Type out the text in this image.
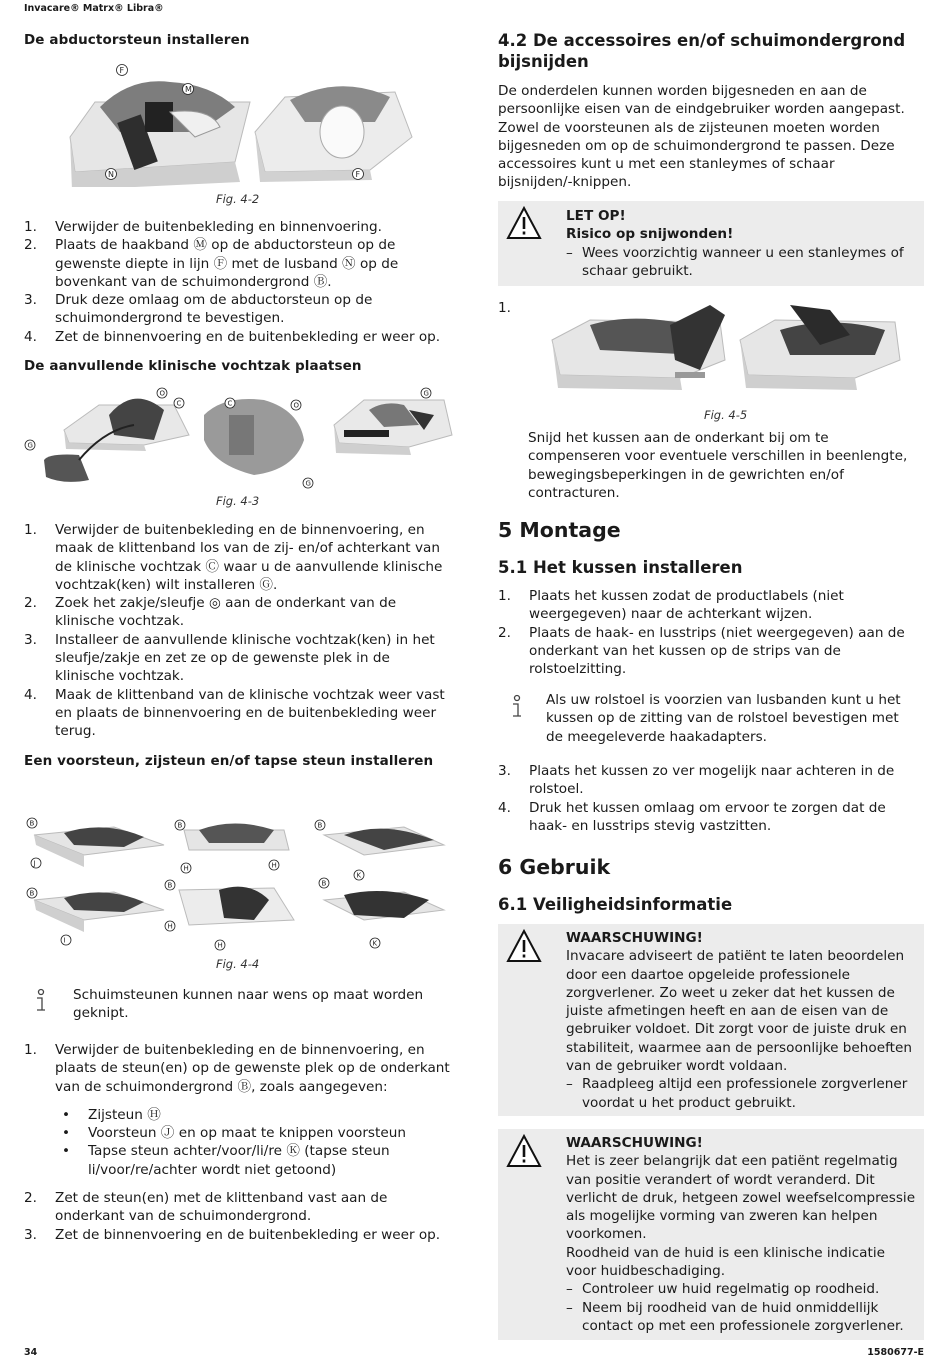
Invacare® Matrx® Libra®
De abductorsteun installeren
F
M
N	F
Fig. 4-2
1. Verwijder de buitenbekleding en binnenvoering.
2. Plaats de haakband Ⓜ op de abductorsteun op de gewenste diepte in lijn Ⓕ met de lusband Ⓝ op de bovenkant van de schuimondergrond Ⓑ.
3. Druk deze omlaag om de abductorsteun op de schuimondergrond te bevestigen.
4. Zet de binnenvoering en de buitenbekleding er weer op.
De aanvullende klinische vochtzak plaatsen
O
C
G
C	O
G
G
Fig. 4-3
1. Verwijder de buitenbekleding en de binnenvoering, en maak de klittenband los van de zij- en/of achterkant van de klinische vochtzak Ⓒ waar u de aanvullende klinische vochtzak(ken) wilt installeren Ⓖ.
2. Zoek het zakje/sleufje ◎ aan de onderkant van de klinische vochtzak.
3. Installeer de aanvullende klinische vochtzak(ken) in het sleufje/zakje en zet ze op de gewenste plek in de klinische vochtzak.
4. Maak de klittenband van de klinische vochtzak weer vast en plaats de binnenvoering en de buitenbekleding weer terug.
Een voorsteun, zijsteun en/of tapse steun installeren
B
J
B
H	H
B
K
B
I
B
H
H
B
K
Fig. 4-4
Schuimsteunen kunnen naar wens op maat worden geknipt.
1. Verwijder de buitenbekleding en de binnenvoering, en plaats de steun(en) op de gewenste plek op de onderkant van de schuimondergrond Ⓑ, zoals aangegeven:
• Zijsteun Ⓗ
• Voorsteun Ⓙ en op maat te knippen voorsteun
• Tapse steun achter/voor/li/re Ⓚ (tapse steun li/voor/re/achter wordt niet getoond)
2. Zet de steun(en) met de klittenband vast aan de onderkant van de schuimondergrond.
3. Zet de binnenvoering en de buitenbekleding er weer op.
4.2 De accessoires en/of schuimondergrond bijsnijden
De onderdelen kunnen worden bijgesneden en aan de persoonlijke eisen van de eindgebruiker worden aangepast. Zowel de voorsteunen als de zijsteunen moeten worden bijgesneden om op de schuimondergrond te passen. Deze accessoires kunt u met een stanleymes of schaar bijsnijden/-knippen.
LET OP!
Risico op snijwonden!
– Wees voorzichtig wanneer u een stanleymes of schaar gebruikt.
1.
Fig. 4-5
Snijd het kussen aan de onderkant bij om te compenseren voor eventuele verschillen in beenlengte, bewegingsbeperkingen in de gewrichten en/of contracturen.
5 Montage
5.1 Het kussen installeren
1. Plaats het kussen zodat de productlabels (niet weergegeven) naar de achterkant wijzen.
2. Plaats de haak- en lusstrips (niet weergegeven) aan de onderkant van het kussen op de strips van de rolstoelzitting.
Als uw rolstoel is voorzien van lusbanden kunt u het kussen op de zitting van de rolstoel bevestigen met de meegeleverde haakadapters.
3. Plaats het kussen zo ver mogelijk naar achteren in de rolstoel.
4. Druk het kussen omlaag om ervoor te zorgen dat de haak- en lusstrips stevig vastzitten.
6 Gebruik
6.1 Veiligheidsinformatie
WAARSCHUWING!
Invacare adviseert de patiënt te laten beoordelen door een daartoe opgeleide professionele zorgverlener. Zo weet u zeker dat het kussen de juiste afmetingen heeft en aan de eisen van de gebruiker voldoet. Dit zorgt voor de juiste druk en stabiliteit, waarmee aan de persoonlijke behoeften van de gebruiker wordt voldaan.
– Raadpleeg altijd een professionele zorgverlener voordat u het product gebruikt.
WAARSCHUWING!
Het is zeer belangrijk dat een patiënt regelmatig van positie verandert of wordt veranderd. Dit verlicht de druk, hetgeen zowel weefselcompressie als mogelijke vorming van zweren kan helpen voorkomen.
Roodheid van de huid is een klinische indicatie voor huidbeschadiging.
– Controleer uw huid regelmatig op roodheid.
– Neem bij roodheid van de huid onmiddellijk contact op met een professionele zorgverlener.
34	1580677-E
